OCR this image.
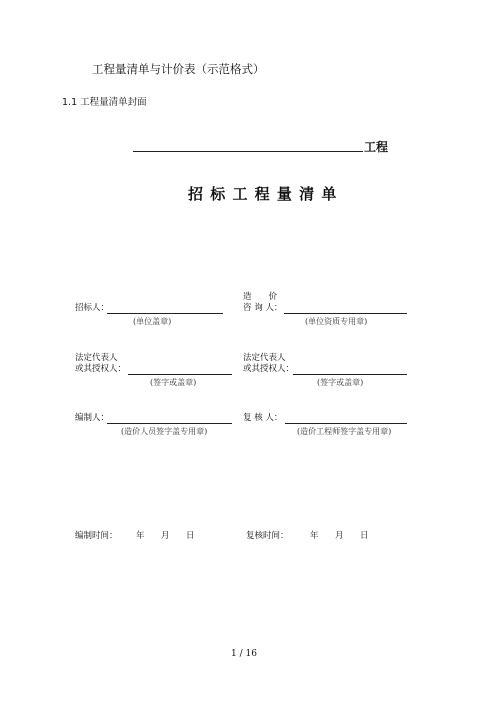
工程量清单与计价表（示范格式）
1.1 工程量清单封面
工程
招 标 工 程 量 清 单
招标人：
(单位盖章)
造　　价
咨 询 人：
(单位资质专用章)
法定代表人
或其授权人：
(签字或盖章)
法定代表人
或其授权人：
(签字或盖章)
编制人：
(造价人员签字盖专用章)
复 核 人：
(造价工程师签字盖专用章)
编制时间： 年 月 日	复核时间：	年 月 日
1 / 16
